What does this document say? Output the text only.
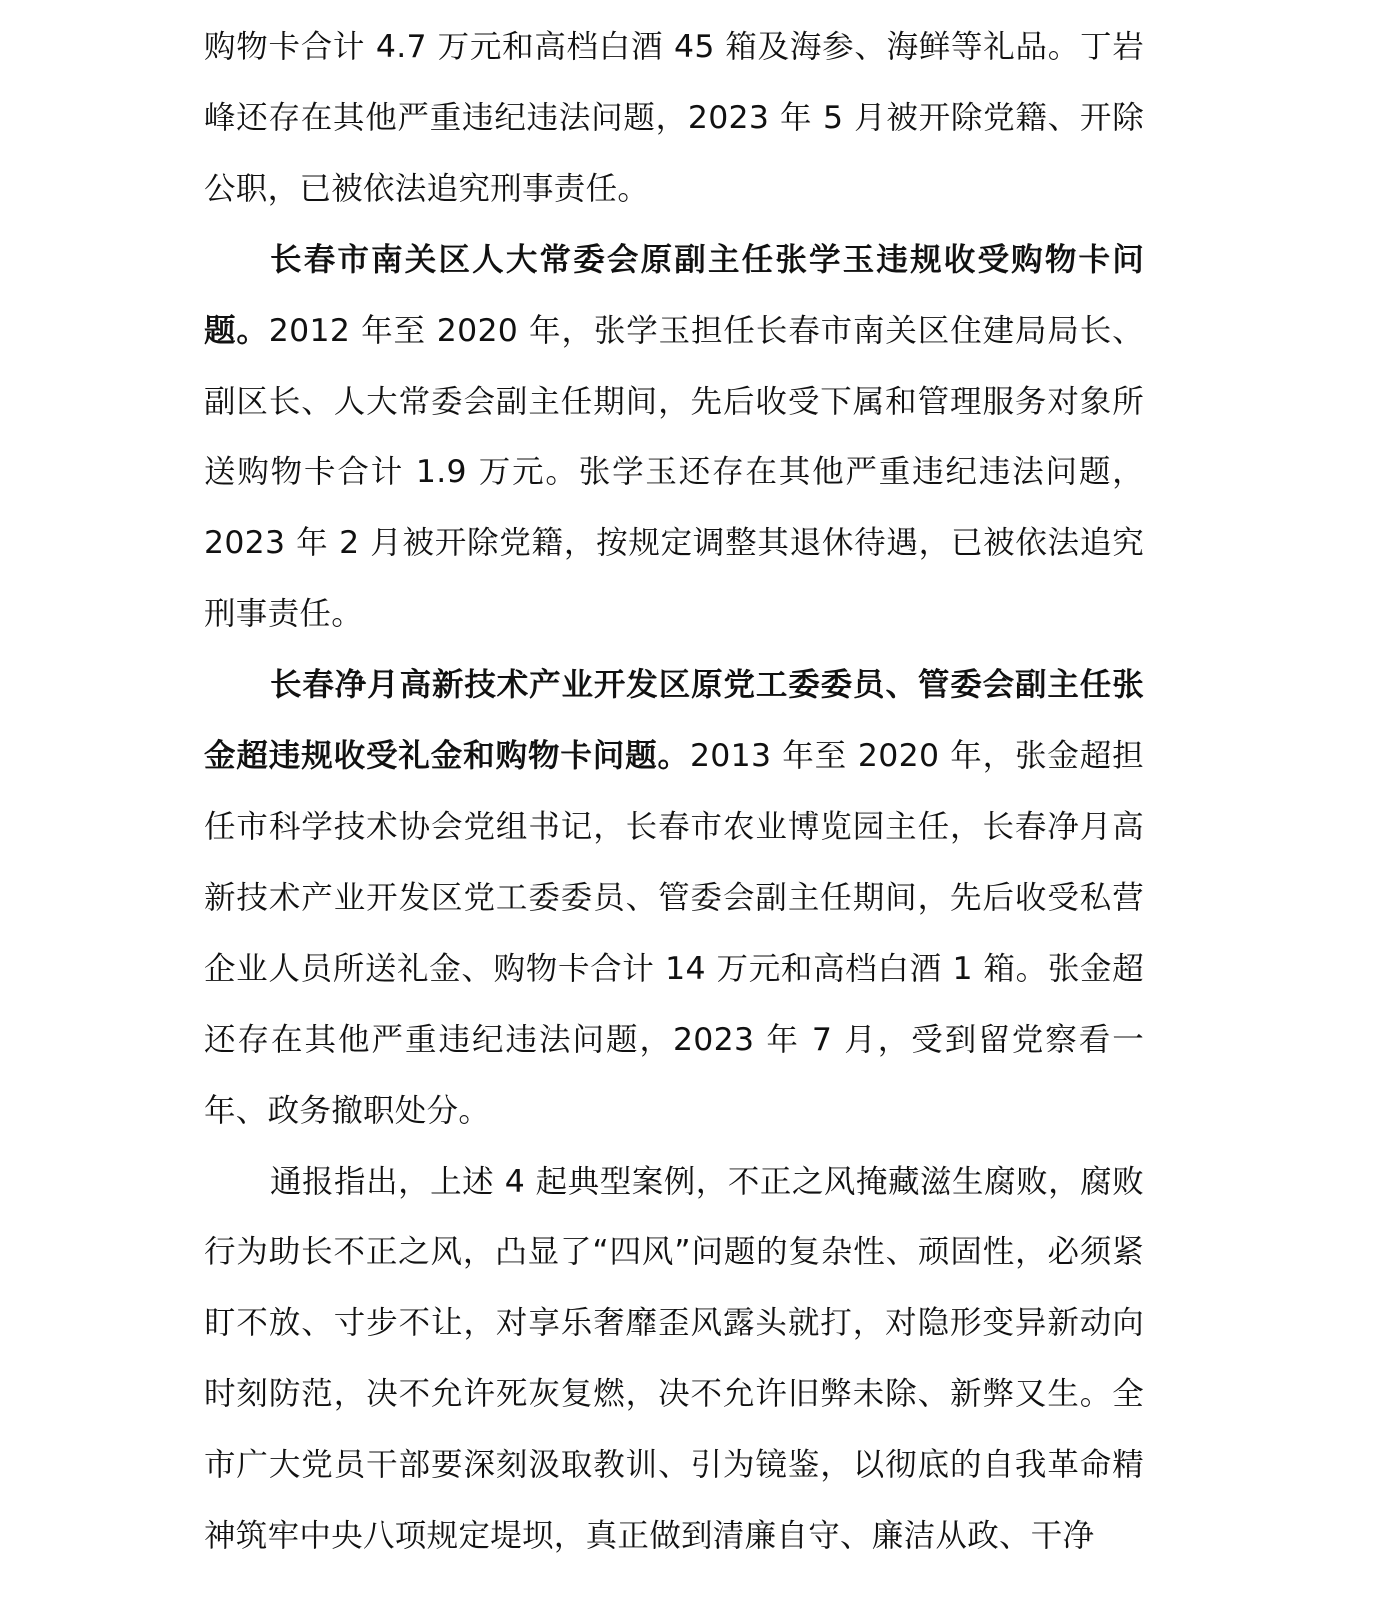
购物卡合计 4.7 万元和高档白酒 45 箱及海参、海鲜等礼品。丁岩峰还存在其他严重违纪违法问题，2023 年 5 月被开除党籍、开除公职，已被依法追究刑事责任。

长春市南关区人大常委会原副主任张学玉违规收受购物卡问题。2012 年至 2020 年，张学玉担任长春市南关区住建局局长、副区长、人大常委会副主任期间，先后收受下属和管理服务对象所送购物卡合计 1.9 万元。张学玉还存在其他严重违纪违法问题，2023 年 2 月被开除党籍，按规定调整其退休待遇，已被依法追究刑事责任。

长春净月高新技术产业开发区原党工委委员、管委会副主任张金超违规收受礼金和购物卡问题。2013 年至 2020 年，张金超担任市科学技术协会党组书记，长春市农业博览园主任，长春净月高新技术产业开发区党工委委员、管委会副主任期间，先后收受私营企业人员所送礼金、购物卡合计 14 万元和高档白酒 1 箱。张金超还存在其他严重违纪违法问题，2023 年 7 月，受到留党察看一年、政务撤职处分。

通报指出，上述 4 起典型案例，不正之风掩藏滋生腐败，腐败行为助长不正之风，凸显了“四风”问题的复杂性、顽固性，必须紧盯不放、寸步不让，对享乐奢靡歪风露头就打，对隐形变异新动向时刻防范，决不允许死灰复燃，决不允许旧弊未除、新弊又生。全市广大党员干部要深刻汲取教训、引为镜鉴，以彻底的自我革命精神筑牢中央八项规定堤坝，真正做到清廉自守、廉洁从政、干净
